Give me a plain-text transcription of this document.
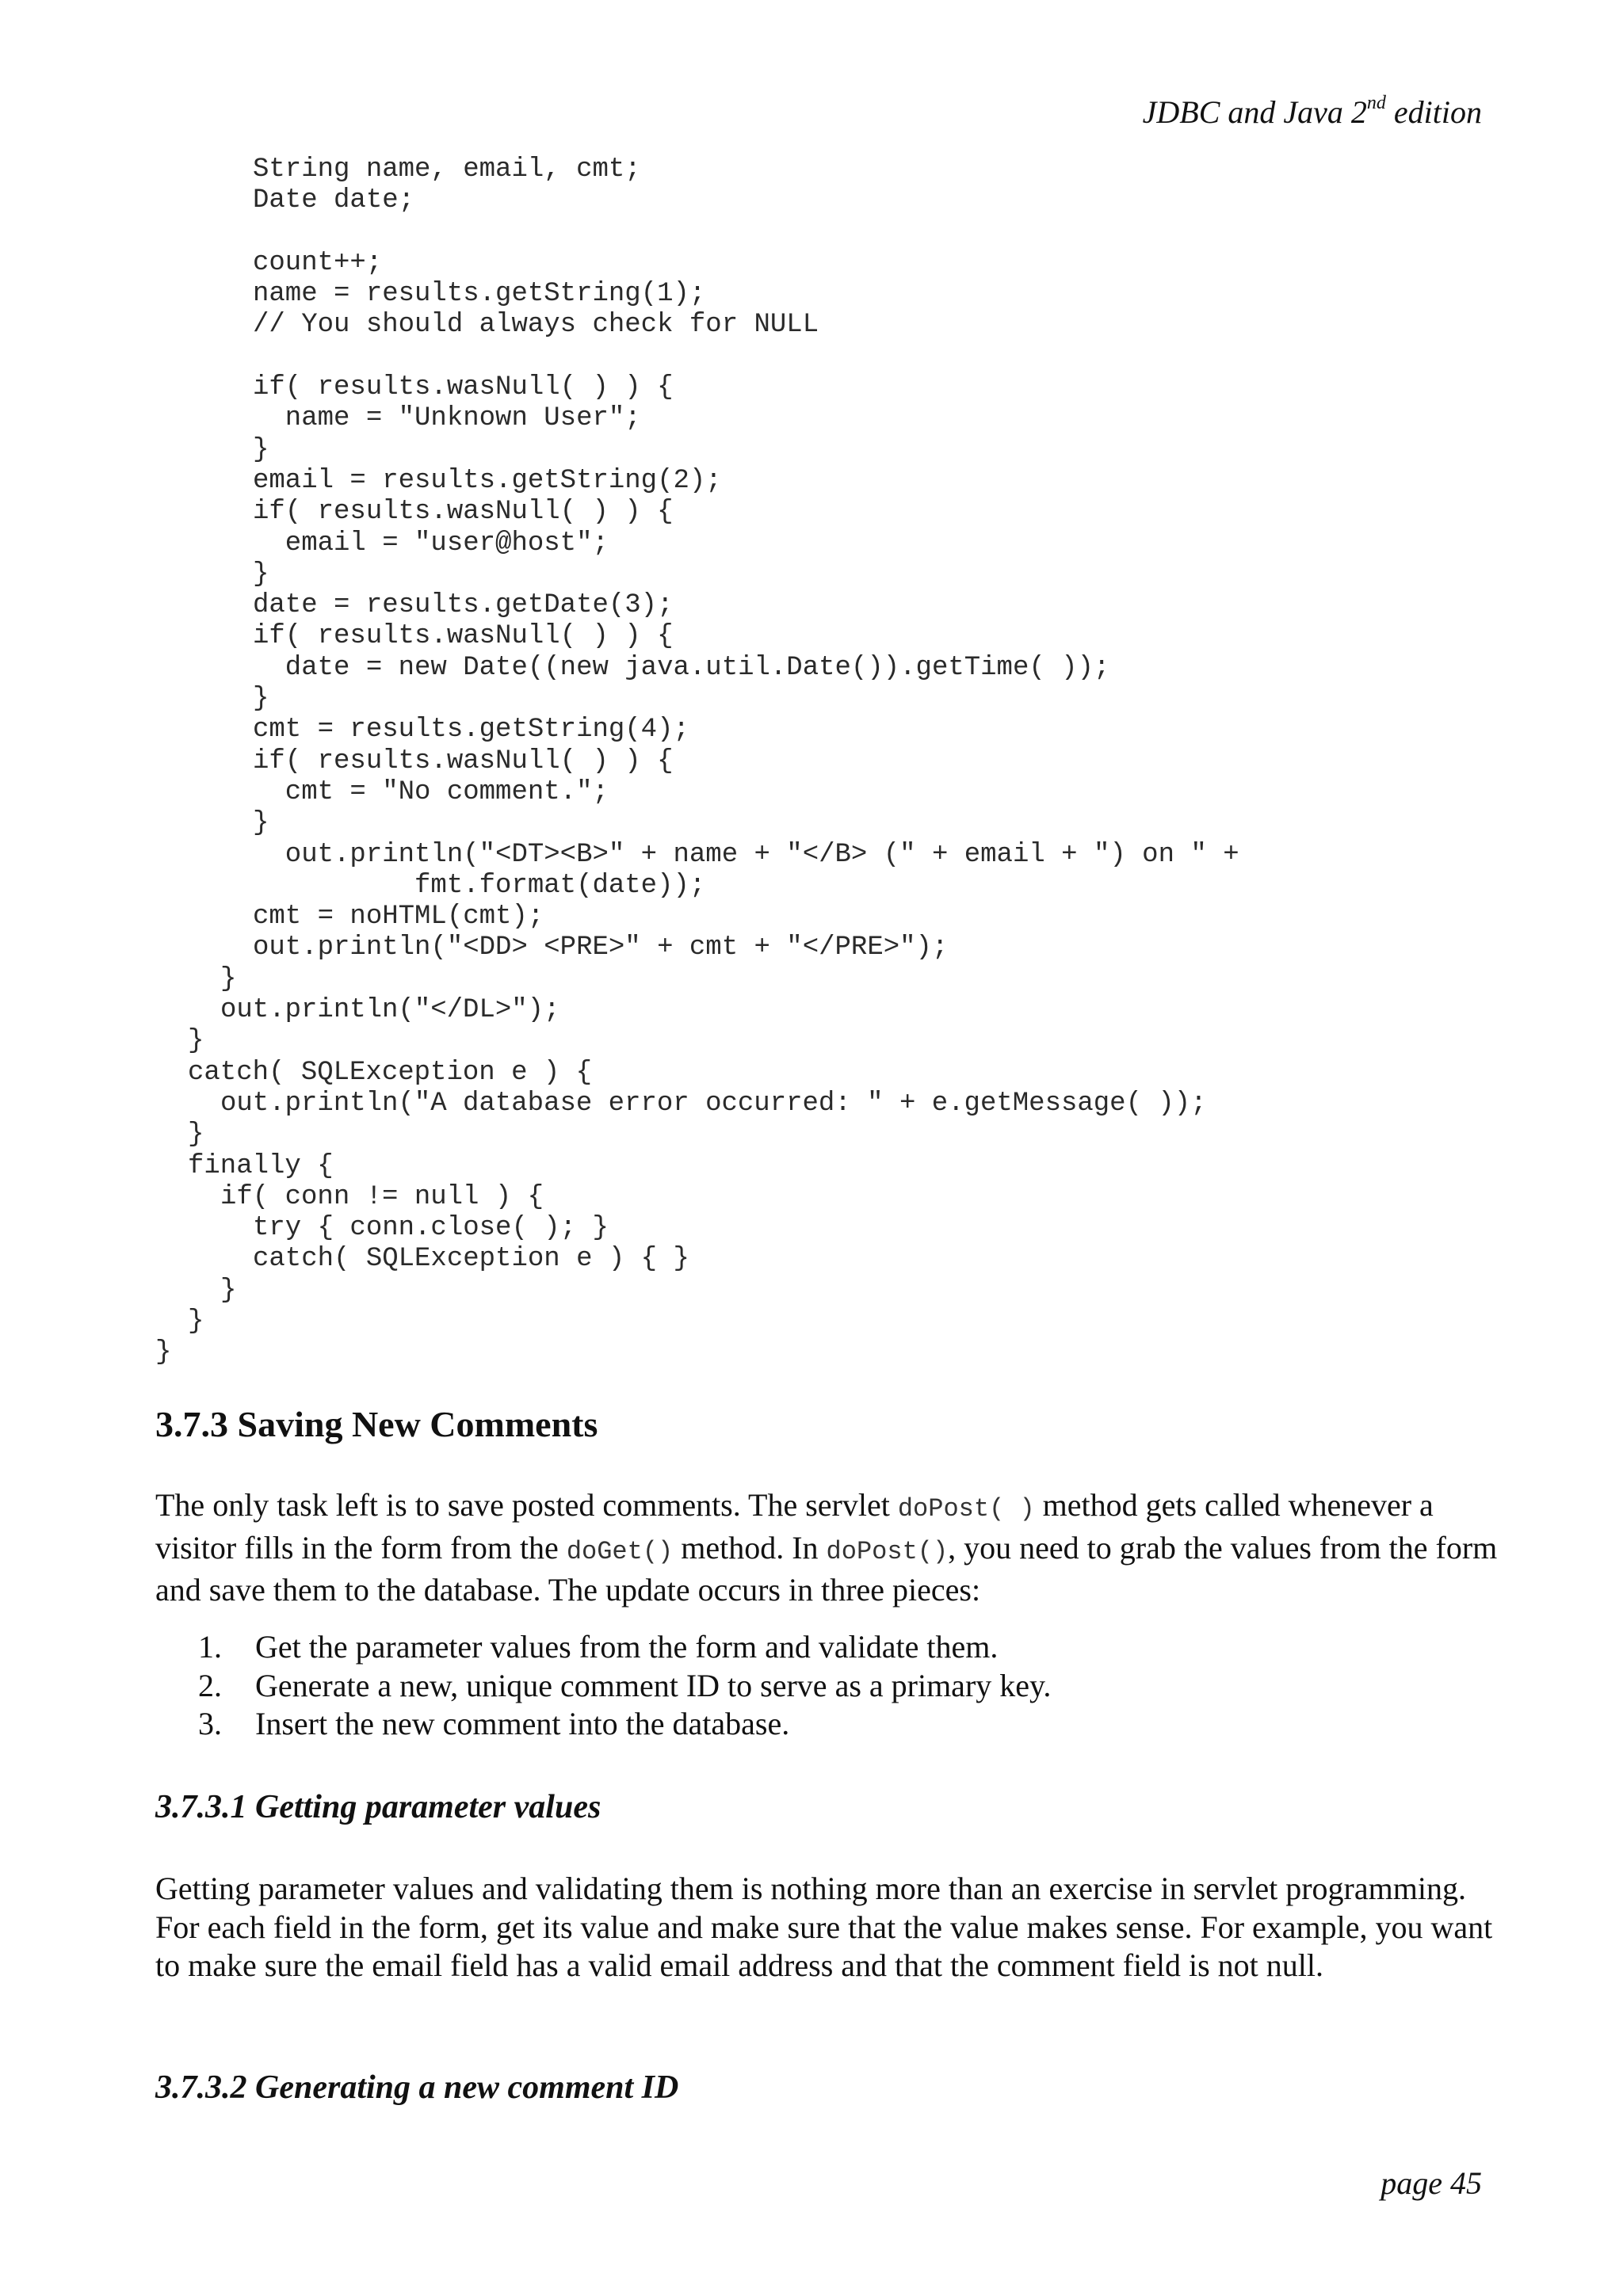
JDBC and Java 2nd edition
String name, email, cmt;
Date date;
count++;
name = results.getString(1);
// You should always check for NULL
if( results.wasNull( ) ) {
name = "Unknown User";
}
email = results.getString(2);
if( results.wasNull( ) ) {
email = "user@host";
}
date = results.getDate(3);
if( results.wasNull( ) ) {
date = new Date((new java.util.Date()).getTime( ));
}
cmt = results.getString(4);
if( results.wasNull( ) ) {
cmt = "No comment.";
}
out.println("<DT><B>" + name + "</B> (" + email + ") on " +
fmt.format(date));
cmt = noHTML(cmt);
out.println("<DD> <PRE>" + cmt + "</PRE>");
}
out.println("</DL>");
}
catch( SQLException e ) {
out.println("A database error occurred: " + e.getMessage( ));
}
finally {
if( conn != null ) {
try { conn.close( ); }
catch( SQLException e ) { }
}
}
}

3.7.3 Saving New Comments

The only task left is to save posted comments. The servlet doPost( ) method gets called whenever a visitor fills in the form from the doGet() method. In doPost(), you need to grab the values from the form and save them to the database. The update occurs in three pieces:

1.	Get the parameter values from the form and validate them.
2.	Generate a new, unique comment ID to serve as a primary key.
3.	Insert the new comment into the database.
3.7.3.1 Getting parameter values

Getting parameter values and validating them is nothing more than an exercise in servlet programming. For each field in the form, get its value and make sure that the value makes sense. For example, you want to make sure the email field has a valid email address and that the comment field is not null.

3.7.3.2 Generating a new comment ID
page 45
